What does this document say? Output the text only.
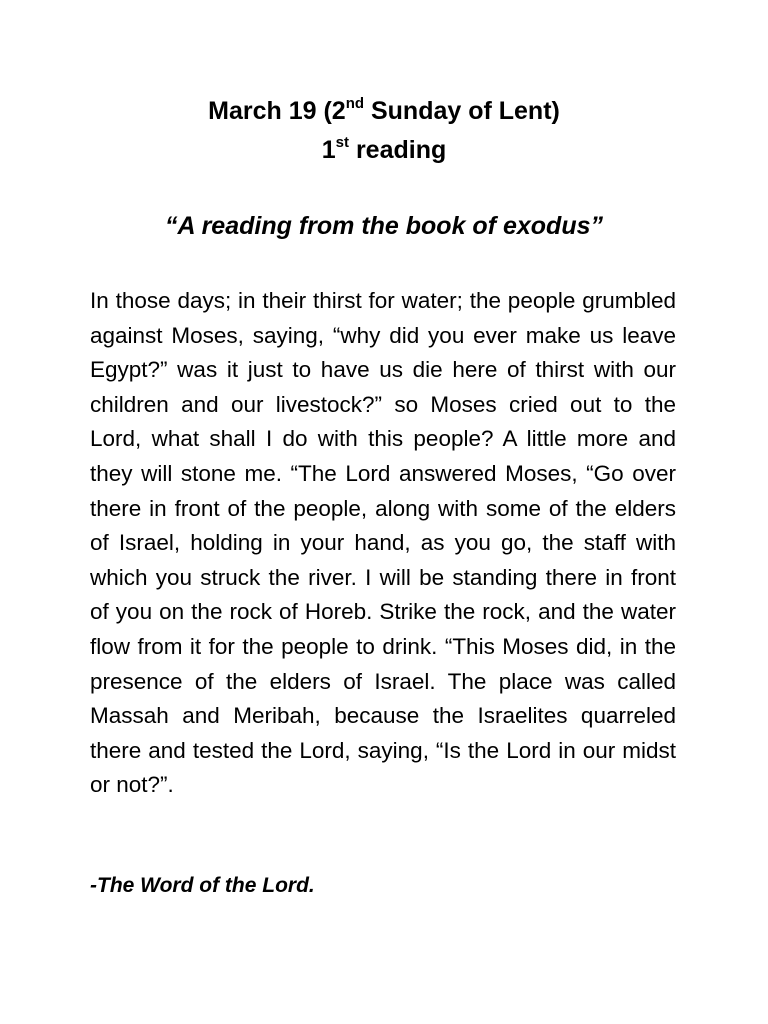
March 19 (2nd Sunday of Lent)
1st reading
“A reading from the book of exodus”

In those days; in their thirst for water; the people grumbled against Moses, saying, “why did you ever make us leave Egypt?” was it just to have us die here of thirst with our children and our livestock?” so Moses cried out to the Lord, what shall I do with this people? A little more and they will stone me. “The Lord answered Moses, “Go over there in front of the people, along with some of the elders of Israel, holding in your hand, as you go, the staff with which you struck the river. I will be standing there in front of you on the rock of Horeb. Strike the rock, and the water flow from it for the people to drink. “This Moses did, in the presence of the elders of Israel. The place was called Massah and Meribah, because the Israelites quarreled there and tested the Lord, saying, “Is the Lord in our midst or not?”.

-The Word of the Lord.
